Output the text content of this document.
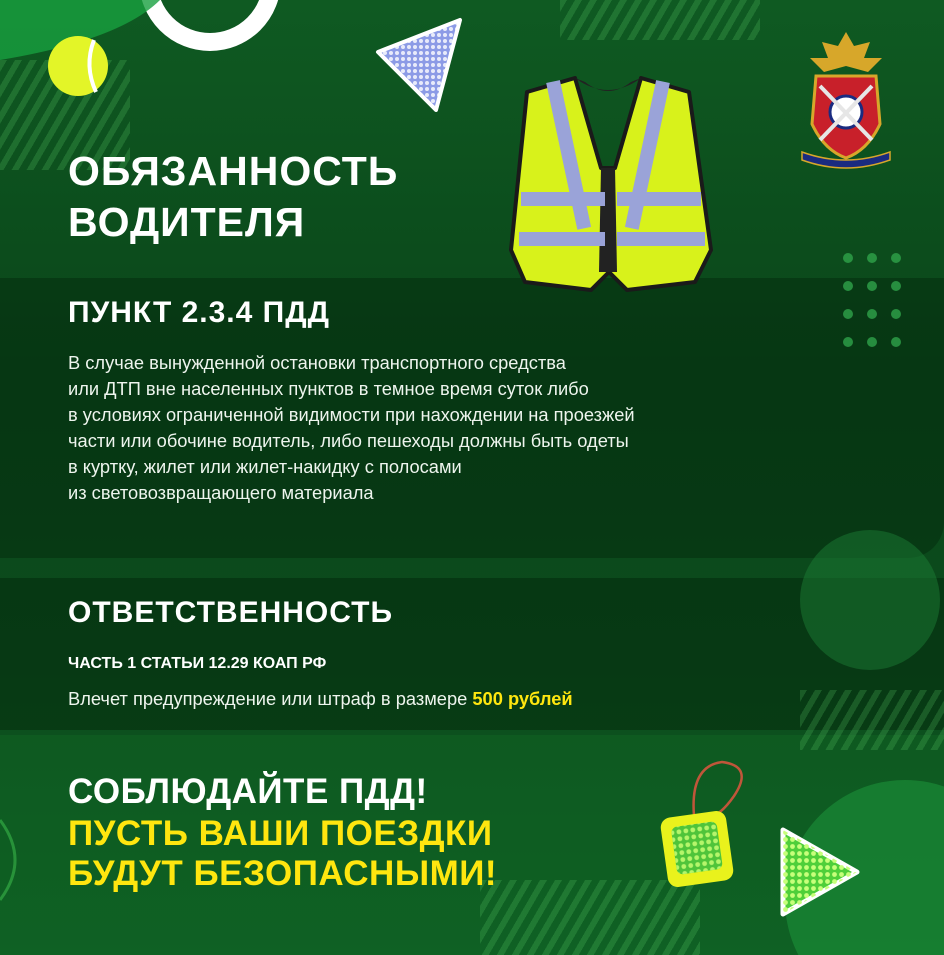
ОБЯЗАННОСТЬ
ВОДИТЕЛЯ
ПУНКТ 2.3.4 ПДД

В случае вынужденной остановки транспортного средства
или ДТП вне населенных пунктов в темное время суток либо
в условиях ограниченной видимости при нахождении на проезжей
части или обочине водитель, либо пешеходы должны быть одеты
в куртку, жилет или жилет-накидку с полосами
из световозвращающего материала

ОТВЕТСТВЕННОСТЬ

ЧАСТЬ 1 СТАТЬИ 12.29 КОАП РФ

Влечет предупреждение или штраф в размере 500 рублей

СОБЛЮДАЙТЕ ПДД!

ПУСТЬ ВАШИ ПОЕЗДКИ
БУДУТ БЕЗОПАСНЫМИ!
